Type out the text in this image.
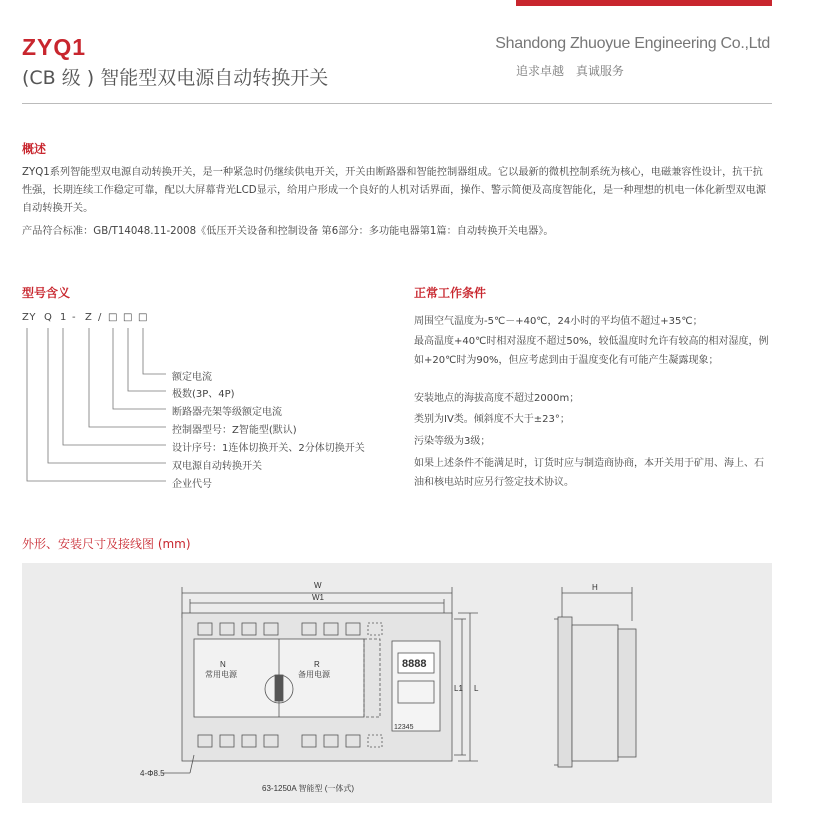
ZYQ1
(CB 级 ) 智能型双电源自动转换开关
Shandong Zhuoyue Engineering Co.,Ltd
追求卓越 真诚服务
概述
ZYQ1系列智能型双电源自动转换开关，是一种紧急时仍继续供电开关，开关由断路器和智能控制器组成。它以最新的微机控制系统为核心，电磁兼容性设计，抗干抗性强，长期连续工作稳定可靠，配以大屏幕背光LCD显示，给用户形成一个良好的人机对话界面，操作、警示简便及高度智能化，是一种理想的机电一体化新型双电源自动转换开关。
产品符合标准：GB/T14048.11-2008《低压开关设备和控制设备 第6部分：多功能电器第1篇：自动转换开关电器》。
型号含义
ZY Q 1 - Z / □ □ □
额定电流
极数(3P、4P)
断路器壳架等级额定电流
控制器型号：Z智能型(默认)
设计序号：1连体切换开关、2分体切换开关
双电源自动转换开关
企业代号
正常工作条件
周围空气温度为-5℃－+40℃，24小时的平均值不超过+35℃；
最高温度+40℃时相对湿度不超过50%，较低温度时允许有较高的相对湿度，例如+20℃时为90%，但应考虑到由于温度变化有可能产生凝露现象；
安装地点的海拔高度不超过2000m；
类别为IV类。倾斜度不大于±23°；
污染等级为3级；
如果上述条件不能满足时，订货时应与制造商协商，本开关用于矿用、海上、石油和核电站时应另行签定技术协议。
外形、安装尺寸及接线图 (mm)
W
W1
H
L1 L
N
常用电源
R
备用电源
8888
12345
4-Φ8.5
63-1250A 智能型 (一体式)
